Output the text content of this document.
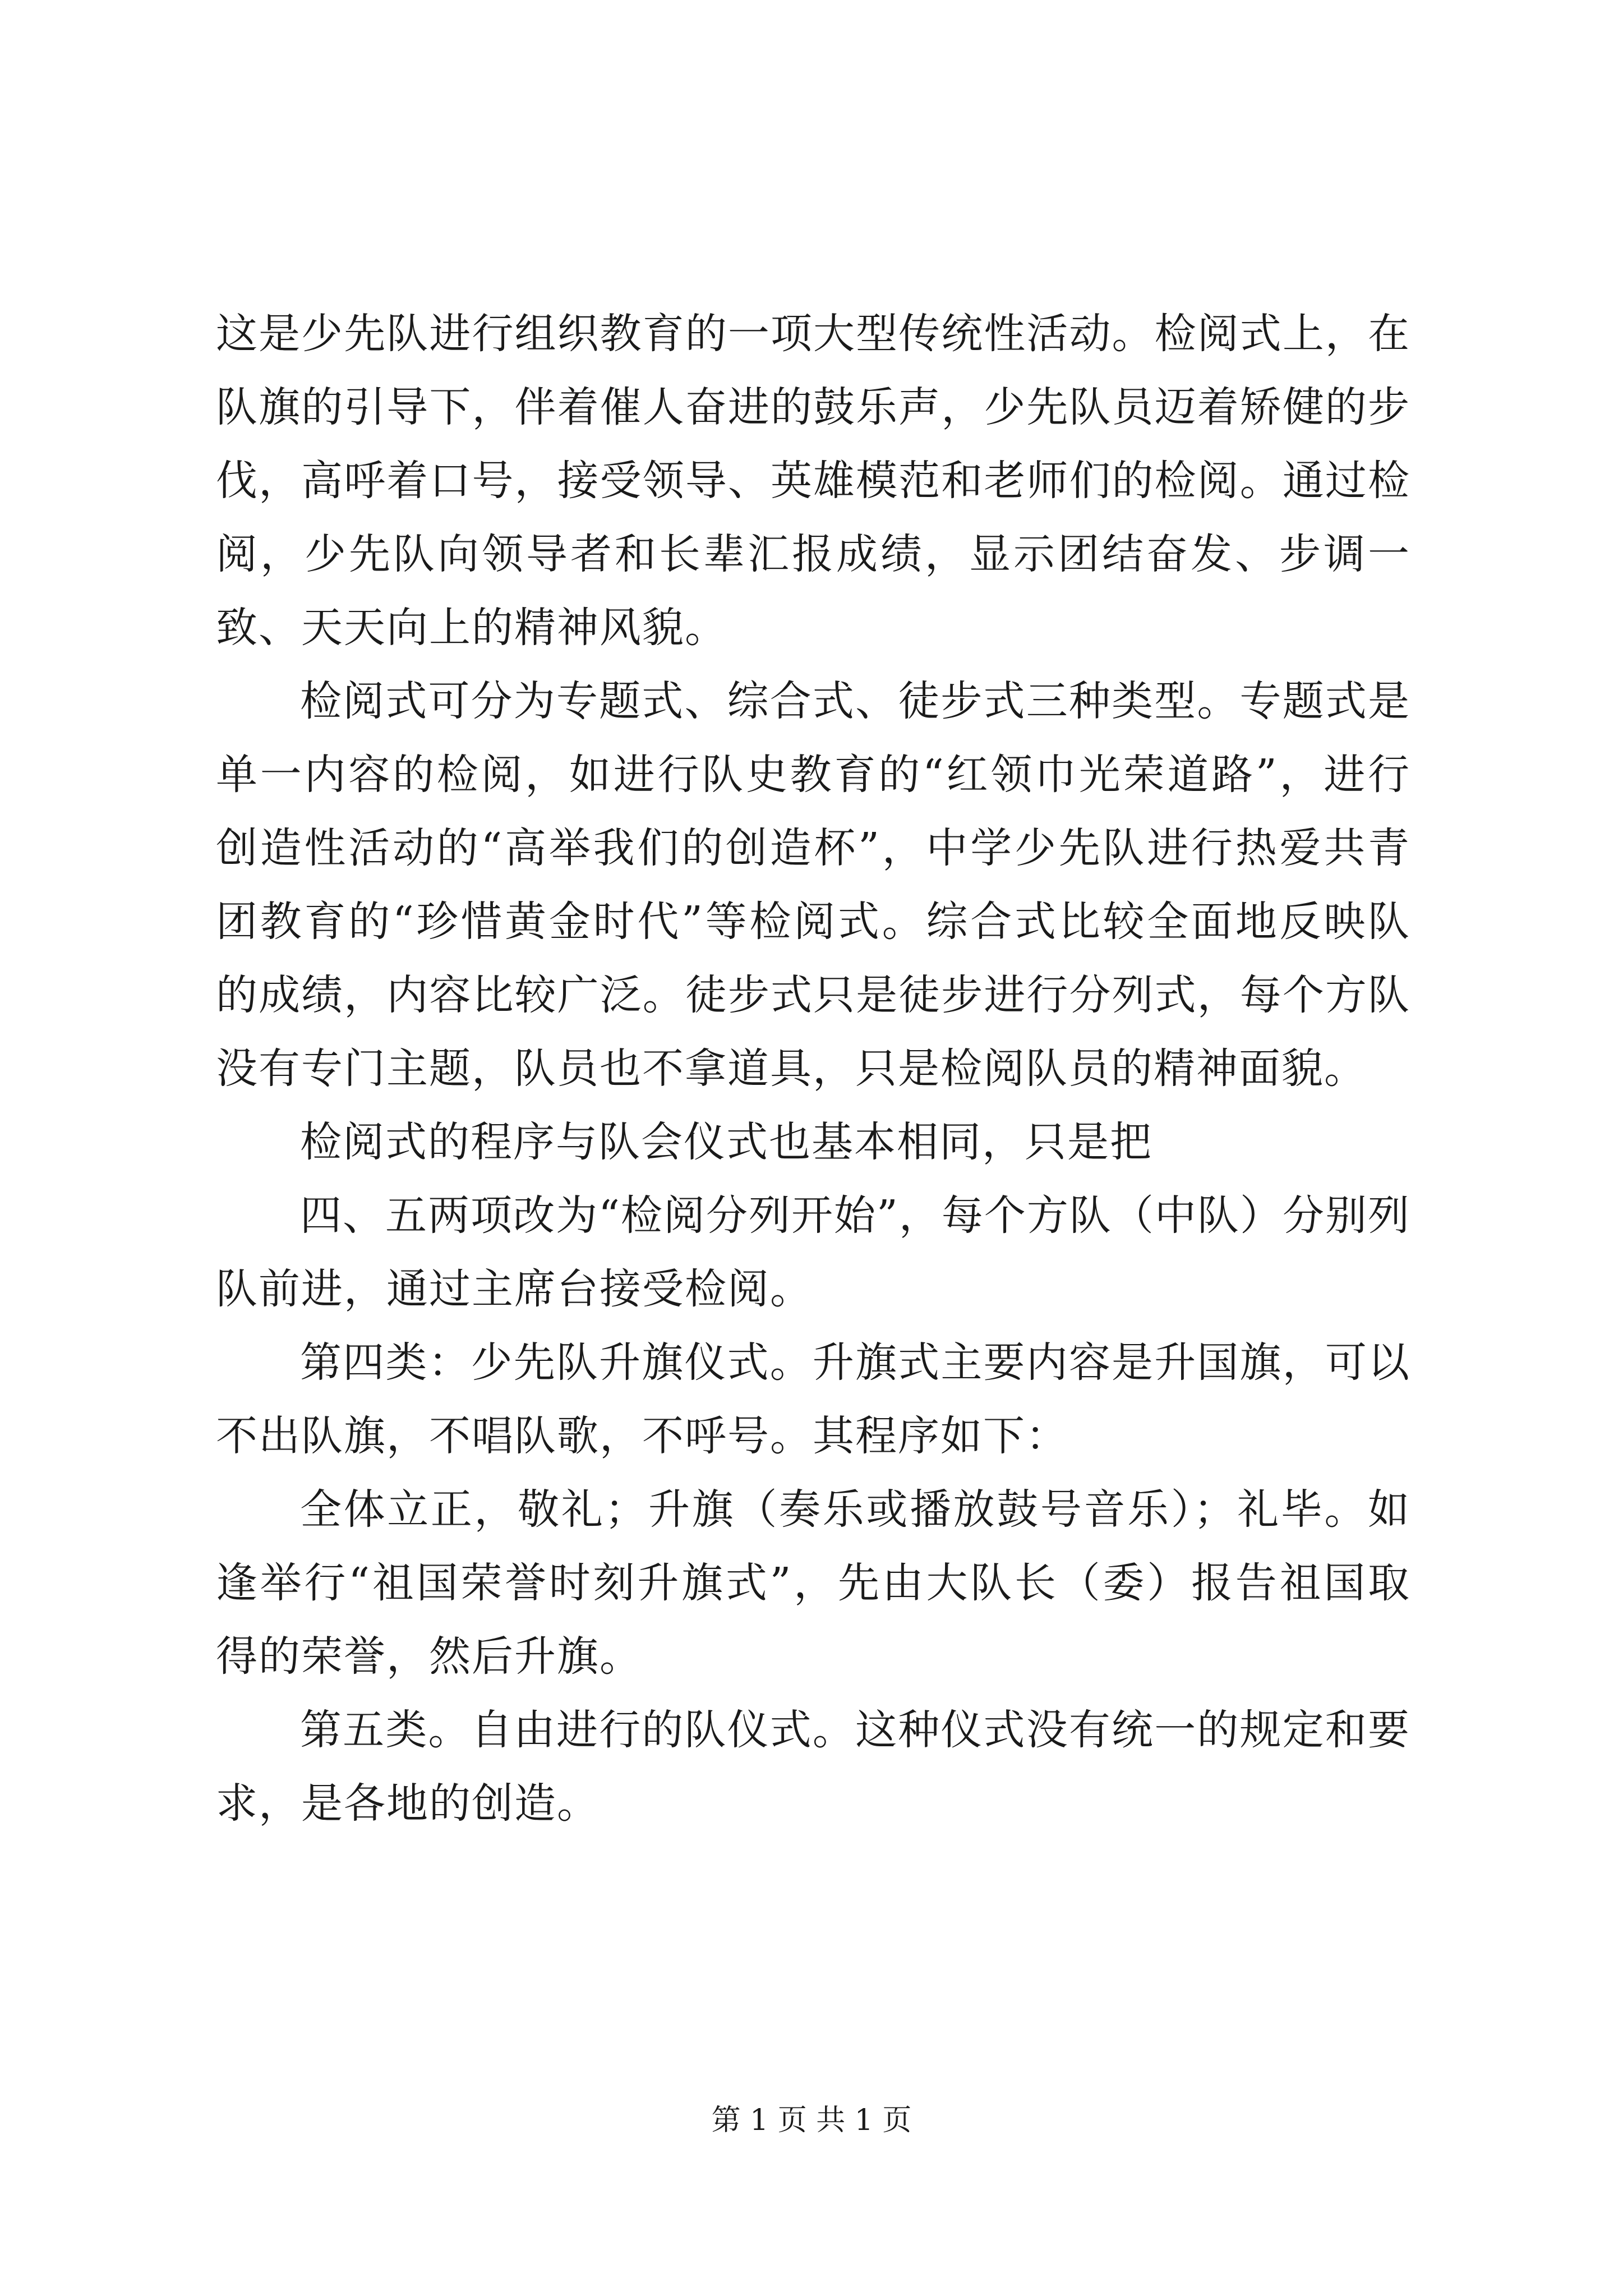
这是少先队进行组织教育的一项大型传统性活动。检阅式上，在队旗的引导下，伴着催人奋进的鼓乐声，少先队员迈着矫健的步伐，高呼着口号，接受领导、英雄模范和老师们的检阅。通过检阅，少先队向领导者和长辈汇报成绩，显示团结奋发、步调一致、天天向上的精神风貌。

检阅式可分为专题式、综合式、徒步式三种类型。专题式是单一内容的检阅，如进行队史教育的“红领巾光荣道路”，进行创造性活动的“高举我们的创造杯”，中学少先队进行热爱共青团教育的“珍惜黄金时代”等检阅式。综合式比较全面地反映队的成绩，内容比较广泛。徒步式只是徒步进行分列式，每个方队没有专门主题，队员也不拿道具，只是检阅队员的精神面貌。

检阅式的程序与队会仪式也基本相同，只是把

四、五两项改为“检阅分列开始”，每个方队（中队）分别列队前进，通过主席台接受检阅。

第四类：少先队升旗仪式。升旗式主要内容是升国旗，可以不出队旗，不唱队歌，不呼号。其程序如下：

全体立正，敬礼；升旗（奏乐或播放鼓号音乐）；礼毕。如逢举行“祖国荣誉时刻升旗式”，先由大队长（委）报告祖国取得的荣誉，然后升旗。

第五类。自由进行的队仪式。这种仪式没有统一的规定和要求，是各地的创造。

第 1 页 共 1 页
